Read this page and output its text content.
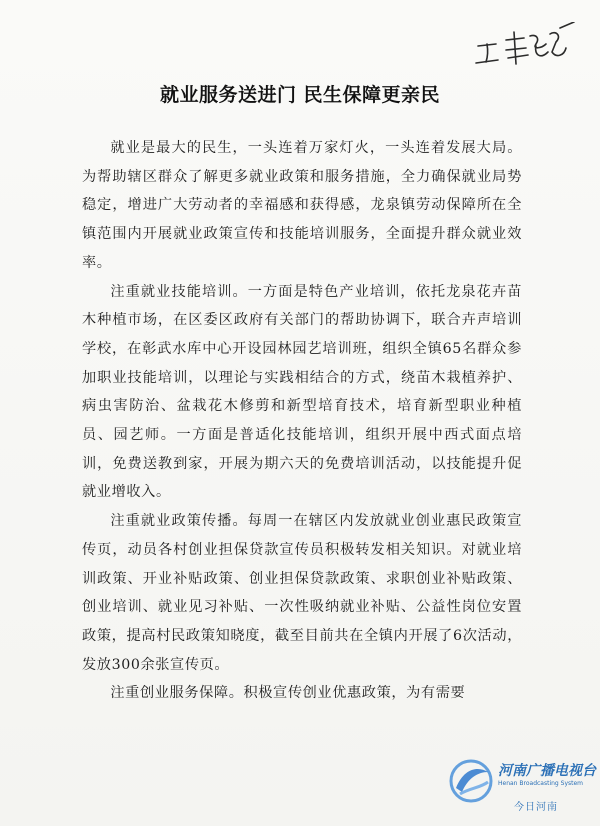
就业服务送进门 民生保障更亲民

就业是最大的民生，一头连着万家灯火，一头连着发展大局。为帮助辖区群众了解更多就业政策和服务措施，全力确保就业局势稳定，增进广大劳动者的幸福感和获得感，龙泉镇劳动保障所在全镇范围内开展就业政策宣传和技能培训服务，全面提升群众就业效率。

注重就业技能培训。一方面是特色产业培训，依托龙泉花卉苗木种植市场，在区委区政府有关部门的帮助协调下，联合卉声培训学校，在彰武水库中心开设园林园艺培训班，组织全镇65名群众参加职业技能培训，以理论与实践相结合的方式，绕苗木栽植养护、病虫害防治、盆栽花木修剪和新型培育技术，培育新型职业种植员、园艺师。一方面是普适化技能培训，组织开展中西式面点培训，免费送教到家，开展为期六天的免费培训活动，以技能提升促就业增收入。

注重就业政策传播。每周一在辖区内发放就业创业惠民政策宣传页，动员各村创业担保贷款宣传员积极转发相关知识。对就业培训政策、开业补贴政策、创业担保贷款政策、求职创业补贴政策、创业培训、就业见习补贴、一次性吸纳就业补贴、公益性岗位安置政策，提高村民政策知晓度，截至目前共在全镇内开展了6次活动，发放300余张宣传页。

注重创业服务保障。积极宣传创业优惠政策，为有需要

河南广播电视台
Henan Broadcasting System
今日河南
